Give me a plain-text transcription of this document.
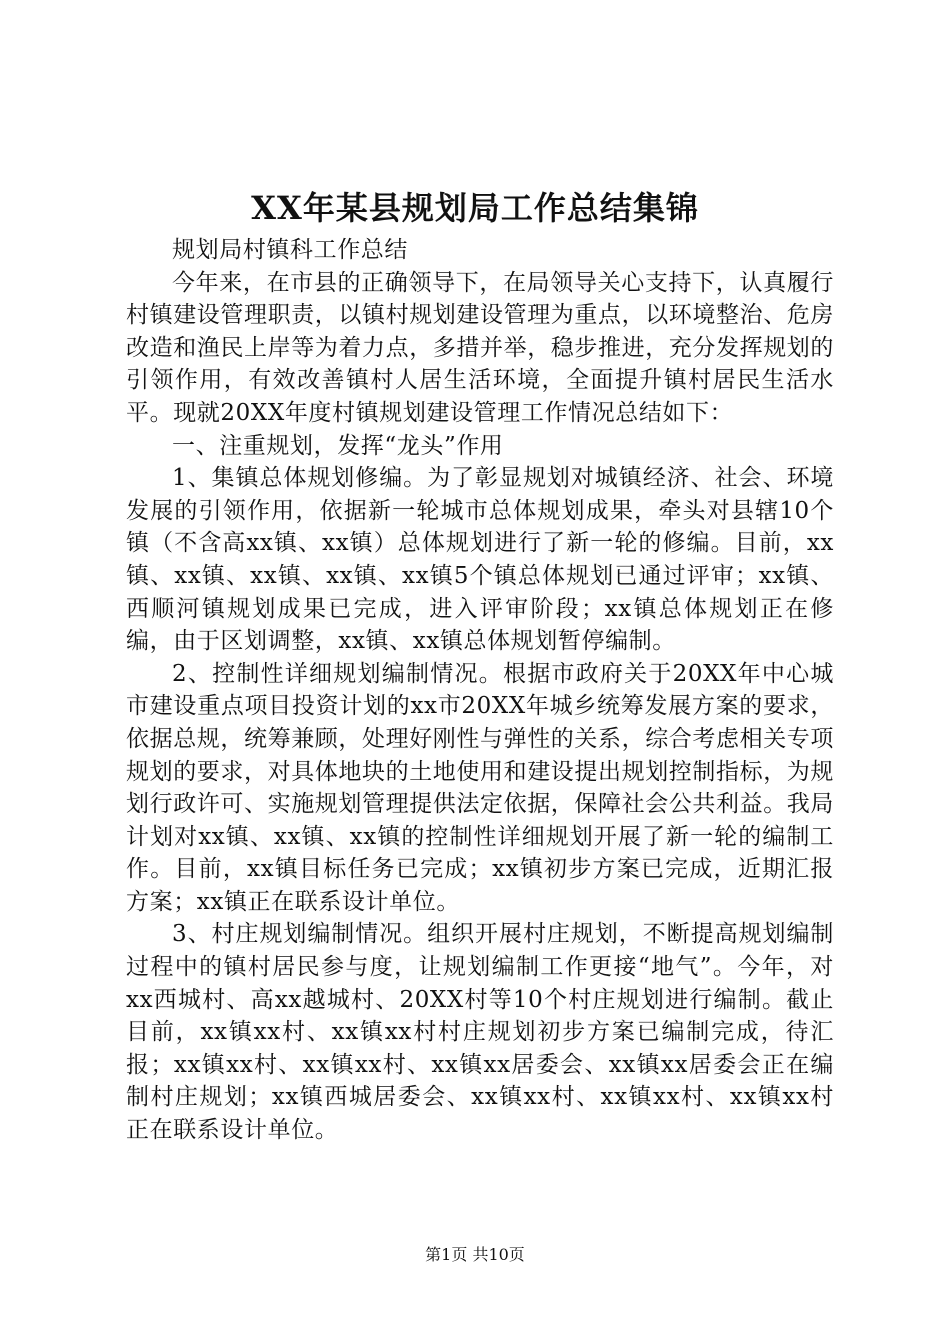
XX年某县规划局工作总结集锦

规划局村镇科工作总结

今年来，在市县的正确领导下，在局领导关心支持下，认真履行村镇建设管理职责，以镇村规划建设管理为重点，以环境整治、危房改造和渔民上岸等为着力点，多措并举，稳步推进，充分发挥规划的引领作用，有效改善镇村人居生活环境，全面提升镇村居民生活水平。现就20XX年度村镇规划建设管理工作情况总结如下：

一、注重规划，发挥“龙头”作用

1、集镇总体规划修编。为了彰显规划对城镇经济、社会、环境发展的引领作用，依据新一轮城市总体规划成果，牵头对县辖10个镇（不含高xx镇、xx镇）总体规划进行了新一轮的修编。目前，xx镇、xx镇、xx镇、xx镇、xx镇5个镇总体规划已通过评审；xx镇、西顺河镇规划成果已完成，进入评审阶段；xx镇总体规划正在修编，由于区划调整，xx镇、xx镇总体规划暂停编制。

2、控制性详细规划编制情况。根据市政府关于20XX年中心城市建设重点项目投资计划的xx市20XX年城乡统筹发展方案的要求，依据总规，统筹兼顾，处理好刚性与弹性的关系，综合考虑相关专项规划的要求，对具体地块的土地使用和建设提出规划控制指标，为规划行政许可、实施规划管理提供法定依据，保障社会公共利益。我局计划对xx镇、xx镇、xx镇的控制性详细规划开展了新一轮的编制工作。目前，xx镇目标任务已完成；xx镇初步方案已完成，近期汇报方案；xx镇正在联系设计单位。

3、村庄规划编制情况。组织开展村庄规划，不断提高规划编制过程中的镇村居民参与度，让规划编制工作更接“地气”。今年，对xx西城村、高xx越城村、20XX村等10个村庄规划进行编制。截止目前，xx镇xx村、xx镇xx村村庄规划初步方案已编制完成，待汇报；xx镇xx村、xx镇xx村、xx镇xx居委会、xx镇xx居委会正在编制村庄规划；xx镇西城居委会、xx镇xx村、xx镇xx村、xx镇xx村正在联系设计单位。

第1页 共10页
